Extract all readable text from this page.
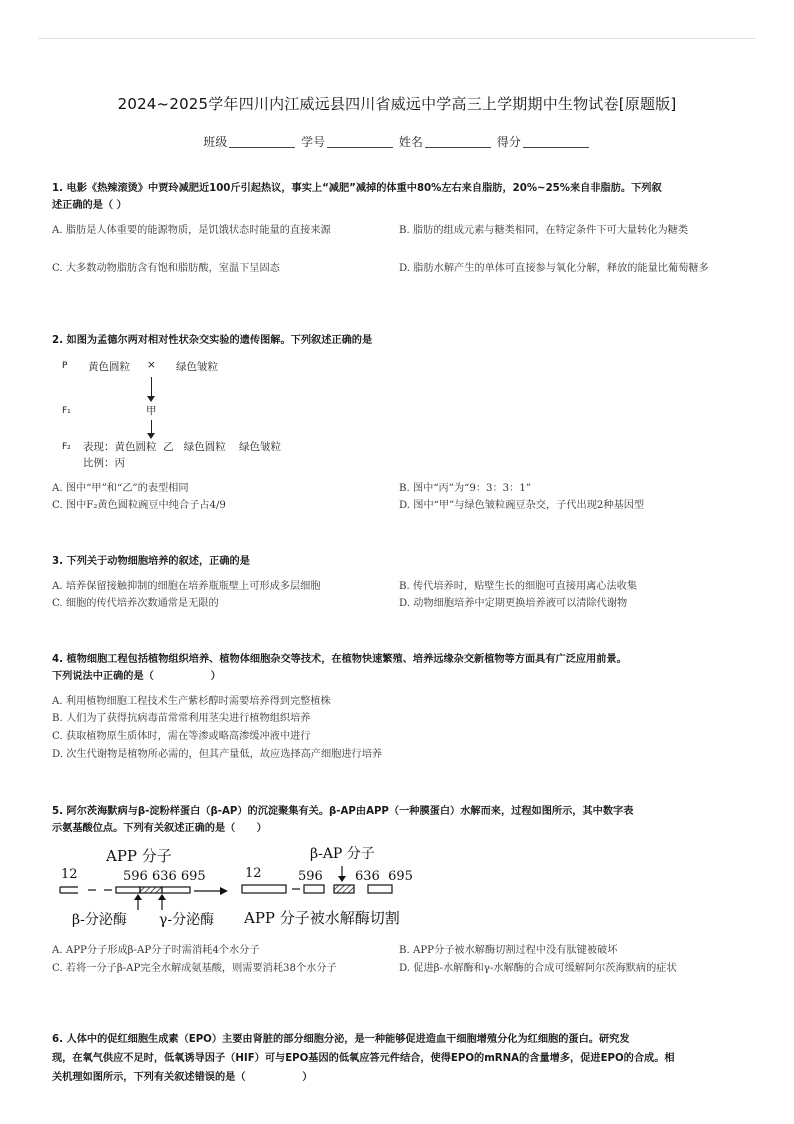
2024~2025学年四川内江威远县四川省威远中学高三上学期期中生物试卷[原题版]
班级	学号	姓名	得分
1. 电影《热辣滚烫》中贾玲减肥近100斤引起热议，事实上“减肥”减掉的体重中80%左右来自脂肪，20%~25%来自非脂肪。下列叙
述正确的是（ ）
A. 脂肪是人体重要的能源物质，是饥饿状态时能量的直接来源	B. 脂肪的组成元素与糖类相同，在特定条件下可大量转化为糖类
C. 大多数动物脂肪含有饱和脂肪酸，室温下呈固态	D. 脂肪水解产生的单体可直接参与氧化分解，释放的能量比葡萄糖多
2. 如图为孟德尔两对相对性状杂交实验的遗传图解。下列叙述正确的是
P 黄色圆粒 × 绿色皱粒
F₁	甲
F₂ 表现：黄色圆粒  乙   绿色圆粒    绿色皱粒
比例：丙
A. 图中“甲”和“乙”的表型相同	B. 图中“丙”为“9：3：3：1”
C. 图中F₂黄色圆粒豌豆中纯合子占4/9	D. 图中“甲”与绿色皱粒豌豆杂交，子代出现2种基因型
3. 下列关于动物细胞培养的叙述，正确的是
A. 培养保留接触抑制的细胞在培养瓶瓶壁上可形成多层细胞	B. 传代培养时，贴壁生长的细胞可直接用离心法收集
C. 细胞的传代培养次数通常是无限的	D. 动物细胞培养中定期更换培养液可以清除代谢物
4. 植物细胞工程包括植物组织培养、植物体细胞杂交等技术，在植物快速繁殖、培养远缘杂交新植物等方面具有广泛应用前景。
下列说法中正确的是（                ）
A. 利用植物细胞工程技术生产紫杉醇时需要培养得到完整植株
B. 人们为了获得抗病毒苗常常利用茎尖进行植物组织培养
C. 获取植物原生质体时，需在等渗或略高渗缓冲液中进行
D. 次生代谢物是植物所必需的，但其产量低，故应选择高产细胞进行培养
5. 阿尔茨海默病与β-淀粉样蛋白（β-AP）的沉淀聚集有关。β-AP由APP（一种膜蛋白）水解而来，过程如图所示，其中数字表
示氨基酸位点。下列有关叙述正确的是（      ）
APP 分子
12	596 636 695
β-AP 分子
12	596 636  695
β-分泌酶 γ-分泌酶 APP 分子被水解酶切割
A. APP分子形成β-AP分子时需消耗4个水分子	B. APP分子被水解酶切割过程中没有肽键被破坏
C. 若将一分子β-AP完全水解成氨基酸，则需要消耗38个水分子	D. 促进β-水解酶和γ-水解酶的合成可缓解阿尔茨海默病的症状
6. 人体中的促红细胞生成素（EPO）主要由肾脏的部分细胞分泌，是一种能够促进造血干细胞增殖分化为红细胞的蛋白。研究发
现，在氧气供应不足时，低氧诱导因子（HIF）可与EPO基因的低氧应答元件结合，使得EPO的mRNA的含量增多，促进EPO的合成。相
关机理如图所示，下列有关叙述错误的是（                ）
